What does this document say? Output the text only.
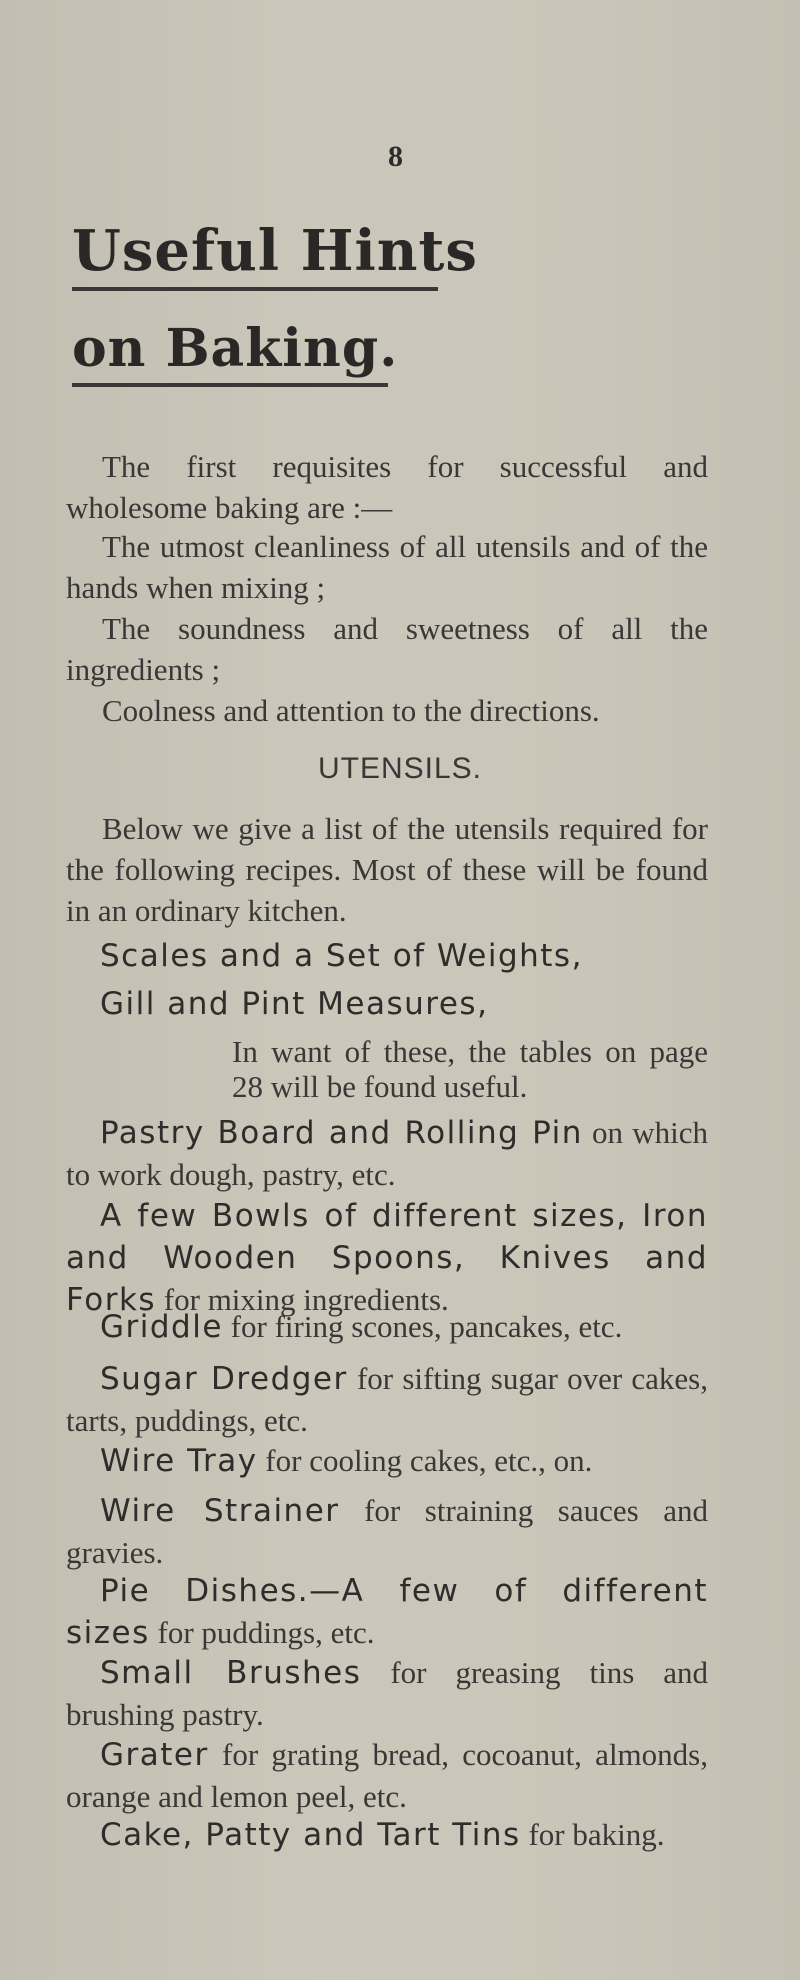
8
Useful Hints
on Baking.

The first requisites for successful and wholesome baking are :—

The utmost cleanliness of all utensils and of the hands when mixing ;

The soundness and sweetness of all the ingredients ;

Coolness and attention to the directions.

UTENSILS.

Below we give a list of the utensils required for the following recipes. Most of these will be found in an ordinary kitchen.

Scales and a Set of Weights,

Gill and Pint Measures,

In want of these, the tables on page 28 will be found useful.

Pastry Board and Rolling Pin on which to work dough, pastry, etc.

A few Bowls of different sizes, Iron and Wooden Spoons, Knives and Forks for mixing ingredients.

Griddle for firing scones, pancakes, etc.

Sugar Dredger for sifting sugar over cakes, tarts, puddings, etc.

Wire Tray for cooling cakes, etc., on.

Wire Strainer for straining sauces and gravies.

Pie Dishes.—A few of different sizes for puddings, etc.

Small Brushes for greasing tins and brushing pastry.

Grater for grating bread, cocoanut, almonds, orange and lemon peel, etc.

Cake, Patty and Tart Tins for baking.
